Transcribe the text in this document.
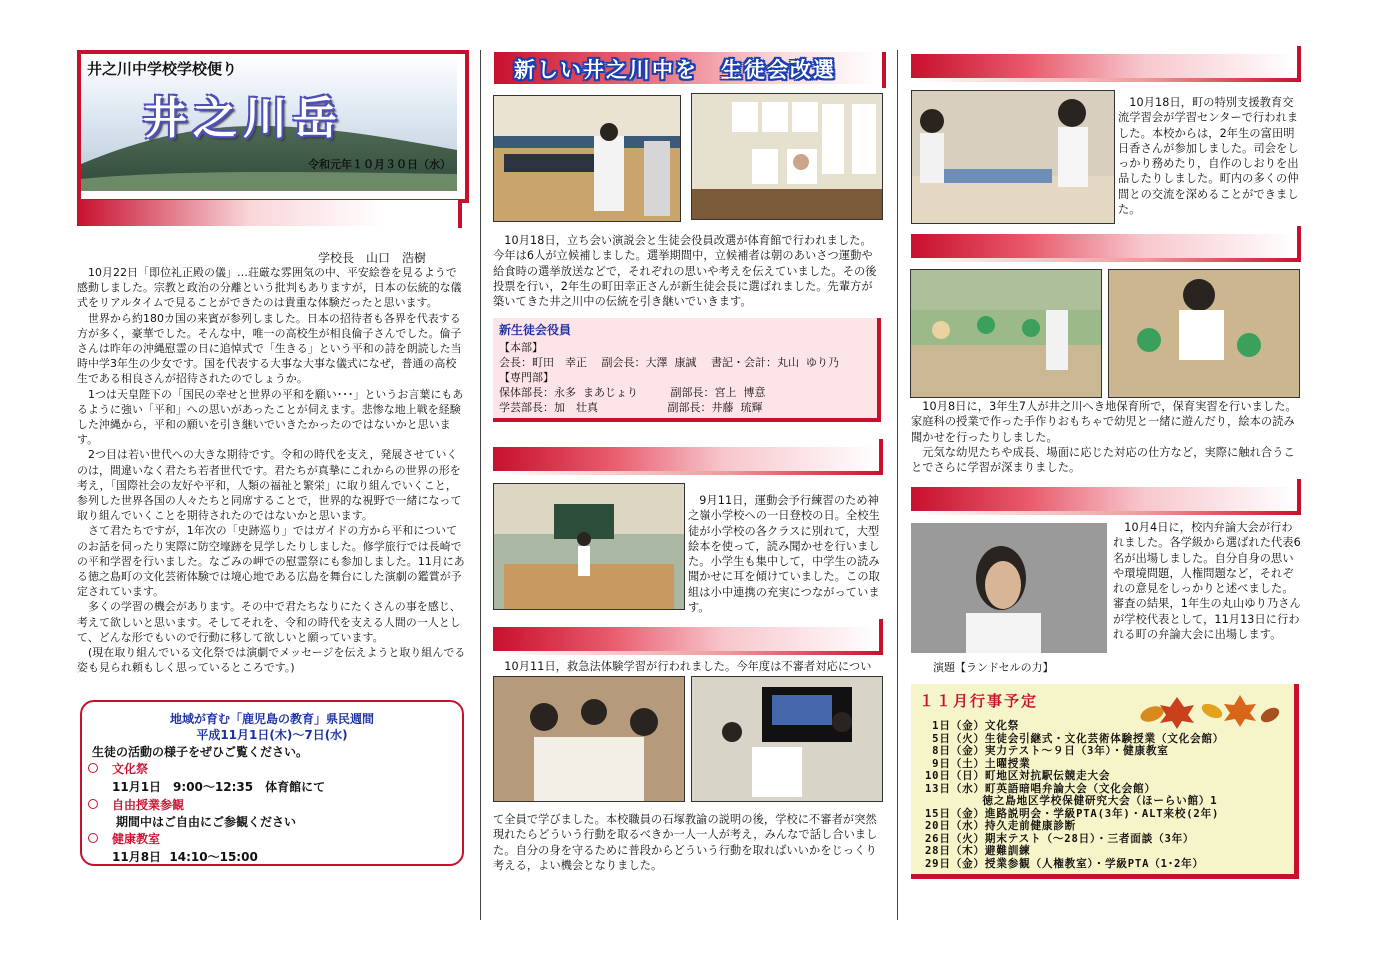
井之川中学校学校便り
井之川岳
令和元年１０月３０日（水）
学校長　山口　浩樹

　10月22日「即位礼正殿の儀」…荘厳な雰囲気の中、平安絵巻を見るようで感動しました。宗教と政治の分離という批判もありますが，日本の伝統的な儀式をリアルタイムで見ることができたのは貴重な体験だったと思います。

　世界から約180カ国の来賓が参列しました。日本の招待者も各界を代表する方が多く，豪華でした。そんな中，唯一の高校生が相良倫子さんでした。倫子さんは昨年の沖縄慰霊の日に追悼式で「生きる」という平和の詩を朗読した当時中学3年生の少女です。国を代表する大事な大事な儀式になぜ，普通の高校生である相良さんが招待されたのでしょうか。

　1つは天皇陛下の「国民の幸せと世界の平和を願い･･･」というお言葉にもあるように強い「平和」への思いがあったことが伺えます。悲惨な地上戦を経験した沖縄から，平和の願いを引き継いでいきたかったのではないかと思います。

　2つ目は若い世代への大きな期待です。令和の時代を支え，発展させていくのは，間違いなく君たち若者世代です。君たちが真摯にこれからの世界の形を考え，「国際社会の友好や平和，人類の福祉と繁栄」に取り組んでいくこと，参列した世界各国の人々たちと同席することで，世界的な視野で一緒になって取り組んでいくことを期待されたのではないかと思います。

　さて君たちですが，1年次の「史跡巡り」ではガイドの方から平和についてのお話を伺ったり実際に防空壕跡を見学したりしました。修学旅行では長崎での平和学習を行いました。なごみの岬での慰霊祭にも参加しました。11月にある徳之島町の文化芸術体験では境心地である広島を舞台にした演劇の鑑賞が予定されています。

　多くの学習の機会があります。その中で君たちなりにたくさんの事を感じ、考えて欲しいと思います。そしてそれを、令和の時代を支える人間の一人として、どんな形でもいので行動に移して欲しいと願っています。

　(現在取り組んでいる文化祭では演劇でメッセージを伝えようと取り組んでる姿も見られ頼もしく思っているところです。)

地域が育む「鹿児島の教育」県民週間
平成11月1日(木)～7日(水)
生徒の活動の様子をぜひご覧ください。
文化祭
11月1日　9:00～12:35　体育館にて
自由授業参観
期間中はご自由にご参観ください
健康教室
11月8日  14:10～15:00
新しい井之川中を　生徒会改選
　10月18日，立ち会い演説会と生徒会役員改選が体育館で行われました。今年は6人が立候補しました。選挙期間中，立候補者は朝のあいさつ運動や給食時の選挙放送などで，それぞれの思いや考えを伝えていました。その後投票を行い，2年生の町田幸正さんが新生徒会長に選ばれました。先輩方が築いてきた井之川中の伝統を引き継いでいきます。
新生徒会役員
【本部】
会長：町田　幸正　 副会長：大澤  康誠　 書記・会計：丸山  ゆり乃
【専門部】
保体部長：永多  まあじょり　　   副部長：宮上  博意
学芸部長：加　壮真　　　　　　 副部長：井藤  琉輝
　9月11日，運動会予行練習のため神之嶺小学校への一日登校の日。全校生徒が小学校の各クラスに別れて，大型絵本を使って，読み聞かせを行いました。小学生も集中して，中学生の読み聞かせに耳を傾けていました。この取組は小中連携の充実につながっています。
　10月11日，救急法体験学習が行われました。今年度は不審者対応につい
て全員で学びました。本校職員の石塚教諭の説明の後，学校に不審者が突然現れたらどういう行動を取るべきか一人一人が考え，みんなで話し合いました。自分の身を守るために普段からどういう行動を取ればいいかをじっくり考える，よい機会となりました。
　10月18日，町の特別支援教育交流学習会が学習センターで行われました。本校からは，2年生の富田明日香さんが参加しました。司会をしっかり務めたり，自作のしおりを出品したりしました。町内の多くの仲間との交流を深めることができました。
　10月8日に，3年生7人が井之川へき地保育所で，保育実習を行いました。家庭科の授業で作った手作りおもちゃで幼児と一緒に遊んだり，絵本の読み聞かせを行ったりしました。
　元気な幼児たちや成長、場面に応じた対応の仕方など，実際に触れ合うことでさらに学習が深まりました。
　10月4日に，校内弁論大会が行われました。各学級から選ばれた代表6名が出場しました。自分自身の思いや環境問題，人権問題など，それぞれの意見をしっかりと述べました。審査の結果，1年生の丸山ゆり乃さんが学校代表として，11月13日に行われる町の弁論大会に出場します。
演題【ランドセルの力】
１１月行事予定
1日（金）文化祭
5日（火）生徒会引継式・文化芸術体験授業（文化会館）
8日（金）実力テスト～９日（3年）・健康教室
9日（土）土曜授業
10日（日）町地区対抗駅伝競走大会
13日（水）町英語暗唱弁論大会（文化会館）
徳之島地区学校保健研究大会（ほーらい館）1
15日（金）進路説明会・学級PTA(3年)・ALT来校(2年)
20日（水）持久走前健康診断
26日（火）期末テスト（～28日）・三者面談（3年）
28日（木）避難訓練
29日（金）授業参観（人権教室）・学級PTA（1･2年）
